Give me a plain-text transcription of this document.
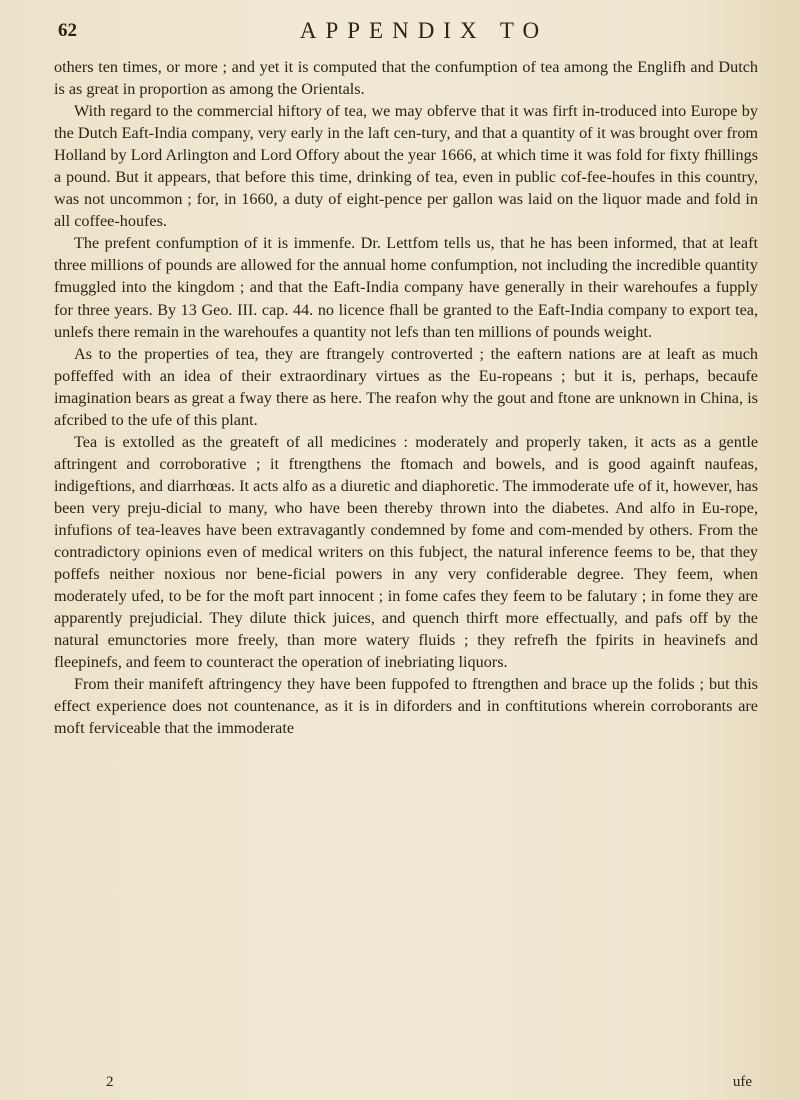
62	APPENDIX TO

others ten times, or more ; and yet it is computed that the confumption of tea among the Englifh and Dutch is as great in proportion as among the Orientals.

With regard to the commercial hiftory of tea, we may obferve that it was firft in-troduced into Europe by the Dutch Eaft-India company, very early in the laft cen-tury, and that a quantity of it was brought over from Holland by Lord Arlington and Lord Offory about the year 1666, at which time it was fold for fixty fhillings a pound. But it appears, that before this time, drinking of tea, even in public cof-fee-houfes in this country, was not uncommon ; for, in 1660, a duty of eight-pence per gallon was laid on the liquor made and fold in all coffee-houfes.

The prefent confumption of it is immenfe. Dr. Lettfom tells us, that he has been informed, that at leaft three millions of pounds are allowed for the annual home confumption, not including the incredible quantity fmuggled into the kingdom ; and that the Eaft-India company have generally in their warehoufes a fupply for three years. By 13 Geo. III. cap. 44. no licence fhall be granted to the Eaft-India company to export tea, unlefs there remain in the warehoufes a quantity not lefs than ten millions of pounds weight.

As to the properties of tea, they are ftrangely controverted ; the eaftern nations are at leaft as much poffeffed with an idea of their extraordinary virtues as the Eu-ropeans ; but it is, perhaps, becaufe imagination bears as great a fway there as here. The reafon why the gout and ftone are unknown in China, is afcribed to the ufe of this plant.

Tea is extolled as the greateft of all medicines : moderately and properly taken, it acts as a gentle aftringent and corroborative ; it ftrengthens the ftomach and bowels, and is good againft naufeas, indigeftions, and diarrhœas. It acts alfo as a diuretic and diaphoretic. The immoderate ufe of it, however, has been very preju-dicial to many, who have been thereby thrown into the diabetes. And alfo in Eu-rope, infufions of tea-leaves have been extravagantly condemned by fome and com-mended by others. From the contradictory opinions even of medical writers on this fubject, the natural inference feems to be, that they poffefs neither noxious nor bene-ficial powers in any very confiderable degree. They feem, when moderately ufed, to be for the moft part innocent ; in fome cafes they feem to be falutary ; in fome they are apparently prejudicial. They dilute thick juices, and quench thirft more effectually, and pafs off by the natural emunctories more freely, than more watery fluids ; they refrefh the fpirits in heavinefs and fleepinefs, and feem to counteract the operation of inebriating liquors.

From their manifeft aftringency they have been fuppofed to ftrengthen and brace up the folids ; but this effect experience does not countenance, as it is in diforders and in conftitutions wherein corroborants are moft ferviceable that the immoderate

2	ufe
